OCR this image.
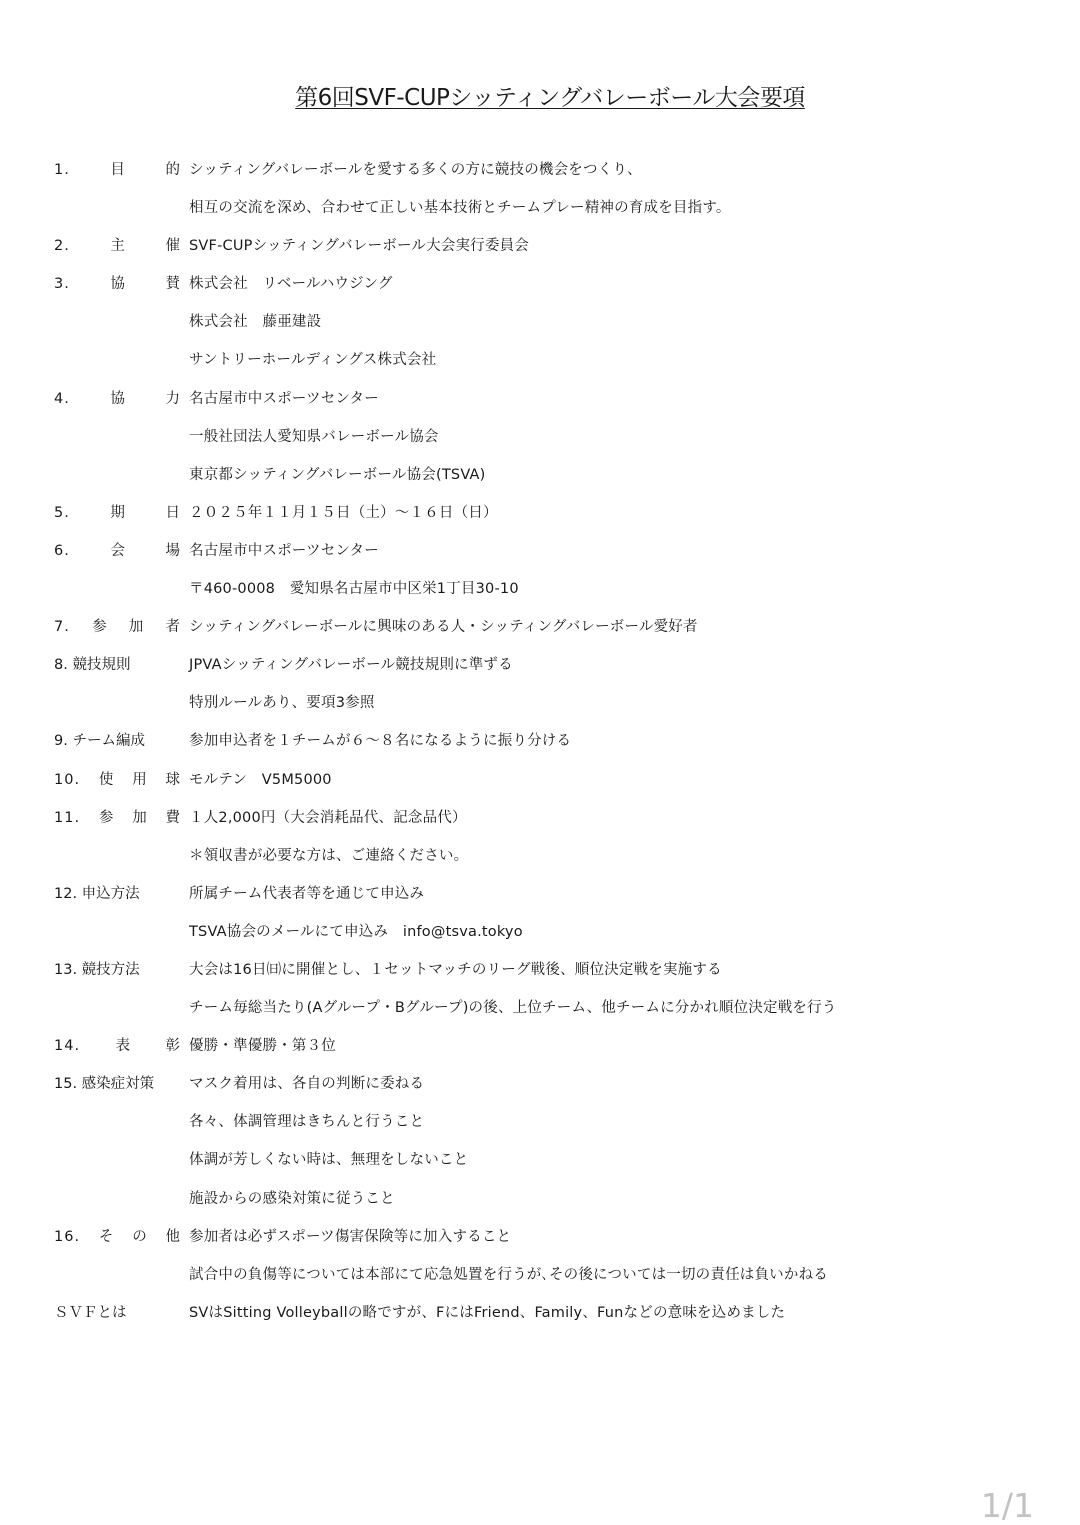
第6回SVF-CUPシッティングバレーボール大会要項
1.	目	的 シッティングバレーボールを愛する多くの方に競技の機会をつくり、
相互の交流を深め、合わせて正しい基本技術とチームプレー精神の育成を目指す。
2.	主	催 SVF-CUPシッティングバレーボール大会実行委員会
3.	協	賛 株式会社　リベールハウジング
株式会社　藤亜建設
サントリーホールディングス株式会社
4.	協	力 名古屋市中スポーツセンター
一般社団法人愛知県バレーボール協会
東京都シッティングバレーボール協会(TSVA)
5.	期	日 ２０２５年１１月１５日（土）～１６日（日）
6.	会	場 名古屋市中スポーツセンター
〒460-0008　愛知県名古屋市中区栄1丁目30-10
7. 参 加 者 シッティングバレーボールに興味のある人・シッティングバレーボール愛好者
8. 競技規則	JPVAシッティングバレーボール競技規則に準ずる
特別ルールあり、要項3参照
9. チーム編成	参加申込者を１チームが６～８名になるように振り分ける
10. 使 用 球 モルテン　V5M5000
11. 参 加 費 １人2,000円（大会消耗品代、記念品代）
＊領収書が必要な方は、ご連絡ください。
12. 申込方法	所属チーム代表者等を通じて申込み
TSVA協会のメールにて申込み　info@tsva.tokyo
13. 競技方法	大会は16日㈰に開催とし、１セットマッチのリーグ戦後、順位決定戦を実施する
チーム毎総当たり(Aグループ・Bグループ)の後、上位チーム、他チームに分かれ順位決定戦を行う
14. 表 彰 優勝・準優勝・第３位
15. 感染症対策	マスク着用は、各自の判断に委ねる
各々、体調管理はきちんと行うこと
体調が芳しくない時は、無理をしないこと
施設からの感染対策に従うこと
16. そ の 他 参加者は必ずスポーツ傷害保険等に加入すること
試合中の負傷等については本部にて応急処置を行うが､その後については一切の責任は負いかねる
ＳＶＦとは	SVはSitting Volleyballの略ですが、FにはFriend、Family、Funなどの意味を込めました
1/1
